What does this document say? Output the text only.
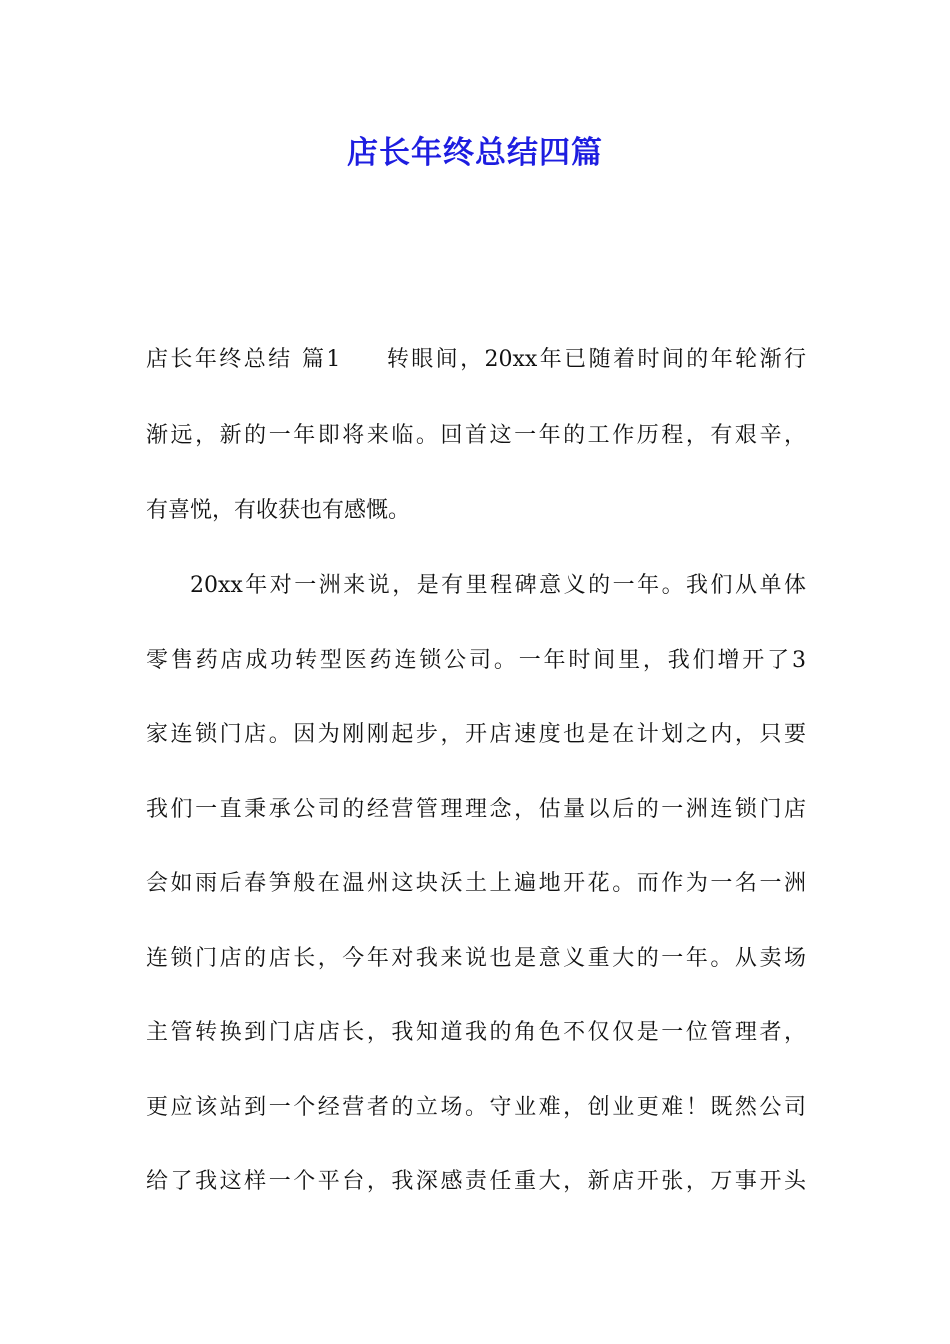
店长年终总结四篇
店长年终总结 篇1 转眼间，20xx年已随着时间的年轮渐行
渐远，新的一年即将来临。回首这一年的工作历程，有艰辛，
有喜悦，有收获也有感慨。
20xx年对一洲来说，是有里程碑意义的一年。我们从单体
零售药店成功转型医药连锁公司。一年时间里，我们增开了3
家连锁门店。因为刚刚起步，开店速度也是在计划之内，只要
我们一直秉承公司的经营管理理念，估量以后的一洲连锁门店
会如雨后春笋般在温州这块沃土上遍地开花。而作为一名一洲
连锁门店的店长，今年对我来说也是意义重大的一年。从卖场
主管转换到门店店长，我知道我的角色不仅仅是一位管理者，
更应该站到一个经营者的立场。守业难，创业更难！既然公司
给了我这样一个平台，我深感责任重大，新店开张，万事开头
